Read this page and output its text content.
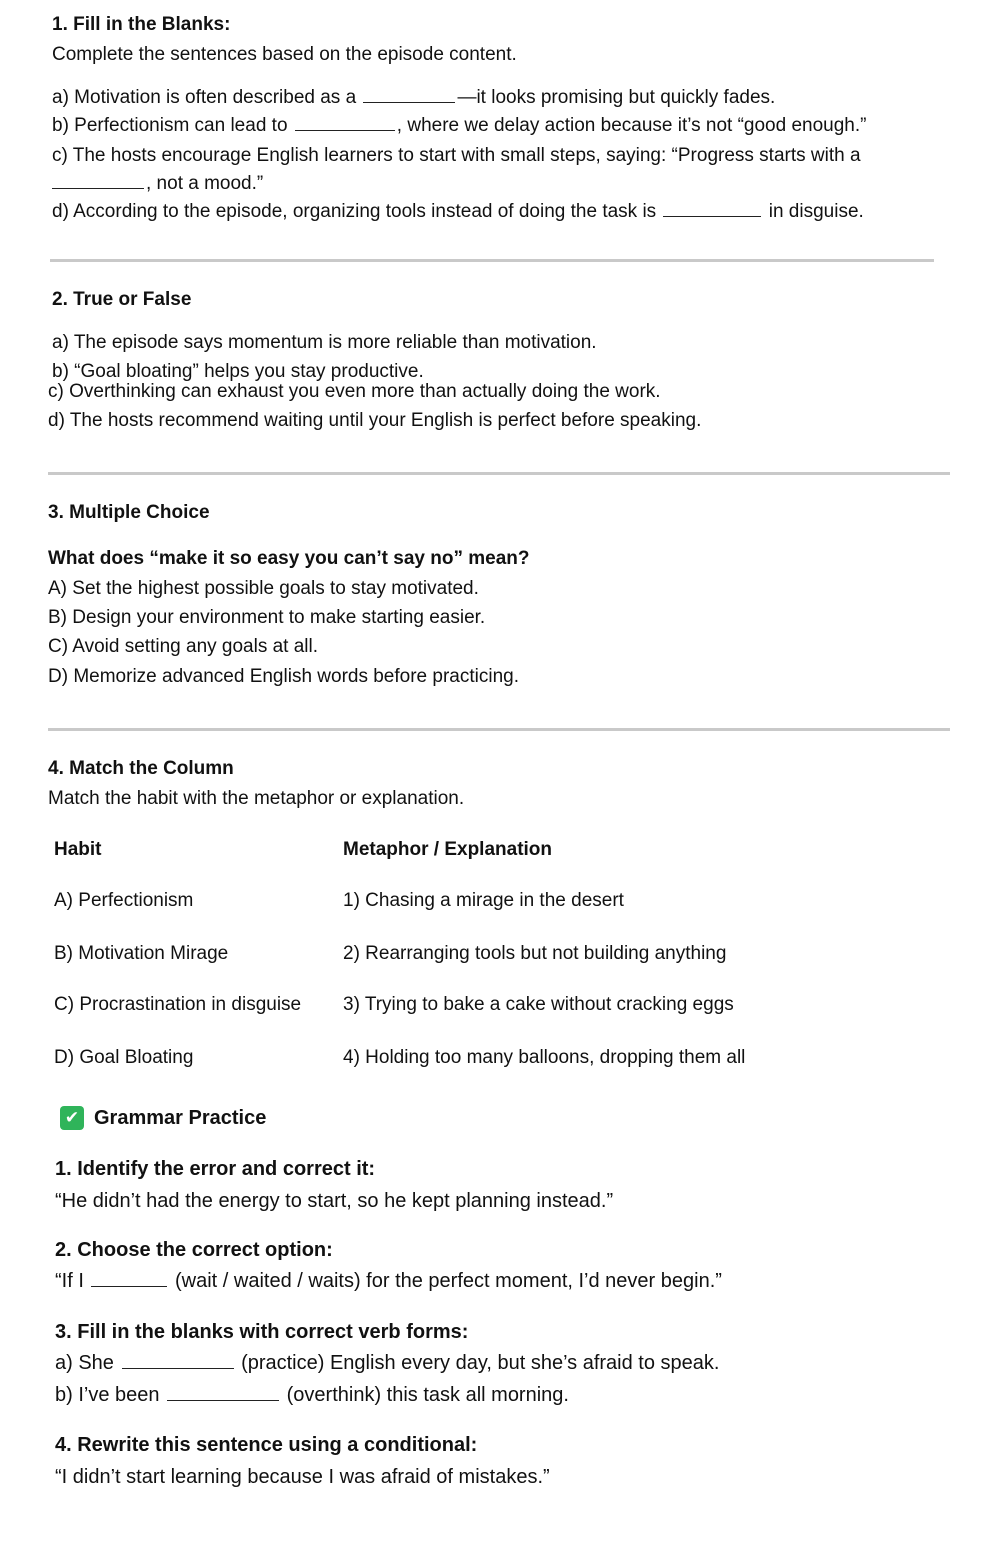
1. Fill in the Blanks:
Complete the sentences based on the episode content.
a) Motivation is often described as a	—it looks promising but quickly fades.
b) Perfectionism can lead to	, where we delay action because it’s not “good enough.”
c) The hosts encourage English learners to start with small steps, saying: “Progress starts with a
, not a mood.”
d) According to the episode, organizing tools instead of doing the task is	in disguise.
2. True or False
a) The episode says momentum is more reliable than motivation.
b) “Goal bloating” helps you stay productive.
c) Overthinking can exhaust you even more than actually doing the work.
d) The hosts recommend waiting until your English is perfect before speaking.
3. Multiple Choice
What does “make it so easy you can’t say no” mean?
A) Set the highest possible goals to stay motivated.
B) Design your environment to make starting easier.
C) Avoid setting any goals at all.
D) Memorize advanced English words before practicing.
4. Match the Column
Match the habit with the metaphor or explanation.
Habit	Metaphor / Explanation
A) Perfectionism	1) Chasing a mirage in the desert
B) Motivation Mirage	2) Rearranging tools but not building anything
C) Procrastination in disguise 3) Trying to bake a cake without cracking eggs
D) Goal Bloating	4) Holding too many balloons, dropping them all
✔ Grammar Practice
1. Identify the error and correct it:
“He didn’t had the energy to start, so he kept planning instead.”
2. Choose the correct option:
“If I	(wait / waited / waits) for the perfect moment, I’d never begin.”
3. Fill in the blanks with correct verb forms:
a) She	(practice) English every day, but she’s afraid to speak.
b) I’ve been	(overthink) this task all morning.
4. Rewrite this sentence using a conditional:
“I didn’t start learning because I was afraid of mistakes.”
